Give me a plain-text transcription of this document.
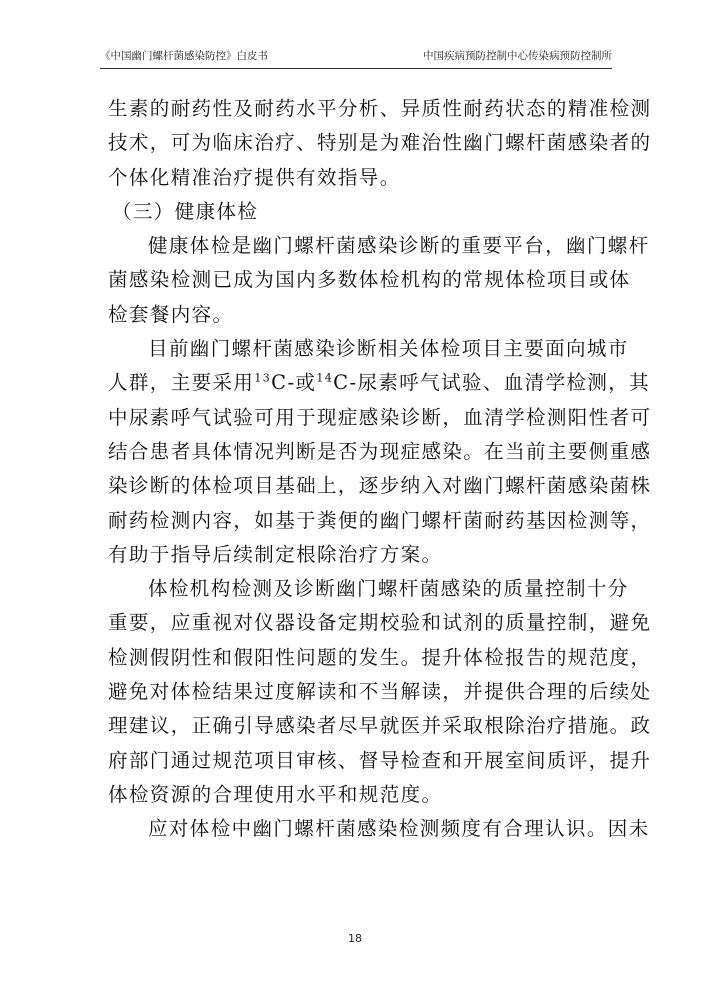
《中国幽门螺杆菌感染防控》白皮书	中国疾病预防控制中心传染病预防控制所
生素的耐药性及耐药水平分析、异质性耐药状态的精准检测
技术，可为临床治疗、特别是为难治性幽门螺杆菌感染者的
个体化精准治疗提供有效指导。
（三）健康体检
健康体检是幽门螺杆菌感染诊断的重要平台，幽门螺杆
菌感染检测已成为国内多数体检机构的常规体检项目或体
检套餐内容。
目前幽门螺杆菌感染诊断相关体检项目主要面向城市
人群，主要采用$^{13}$C-或$^{14}$C-尿素呼气试验、血清学检测，其
中尿素呼气试验可用于现症感染诊断，血清学检测阳性者可
结合患者具体情况判断是否为现症感染。在当前主要侧重感
染诊断的体检项目基础上，逐步纳入对幽门螺杆菌感染菌株
耐药检测内容，如基于粪便的幽门螺杆菌耐药基因检测等，
有助于指导后续制定根除治疗方案。
体检机构检测及诊断幽门螺杆菌感染的质量控制十分
重要，应重视对仪器设备定期校验和试剂的质量控制，避免
检测假阴性和假阳性问题的发生。提升体检报告的规范度，
避免对体检结果过度解读和不当解读，并提供合理的后续处
理建议，正确引导感染者尽早就医并采取根除治疗措施。政
府部门通过规范项目审核、督导检查和开展室间质评，提升
体检资源的合理使用水平和规范度。
应对体检中幽门螺杆菌感染检测频度有合理认识。因未
18
